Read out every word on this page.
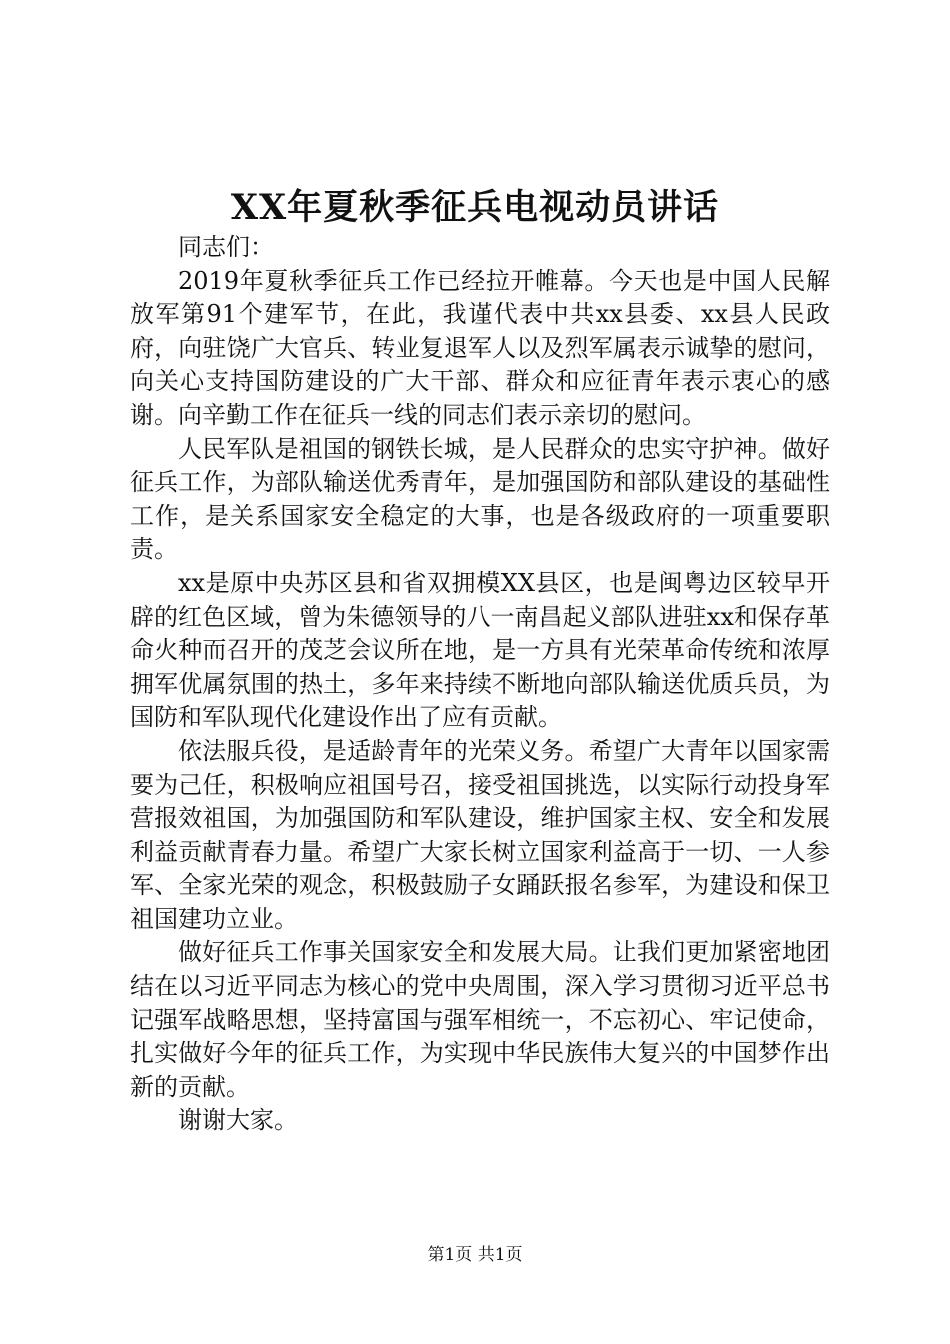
XX年夏秋季征兵电视动员讲话

同志们：

2019年夏秋季征兵工作已经拉开帷幕。今天也是中国人民解放军第91个建军节，在此，我谨代表中共xx县委、xx县人民政府，向驻饶广大官兵、转业复退军人以及烈军属表示诚挚的慰问，向关心支持国防建设的广大干部、群众和应征青年表示衷心的感谢。向辛勤工作在征兵一线的同志们表示亲切的慰问。

人民军队是祖国的钢铁长城，是人民群众的忠实守护神。做好征兵工作，为部队输送优秀青年，是加强国防和部队建设的基础性工作，是关系国家安全稳定的大事，也是各级政府的一项重要职责。

xx是原中央苏区县和省双拥模XX县区，也是闽粤边区较早开辟的红色区域，曾为朱德领导的八一南昌起义部队进驻xx和保存革命火种而召开的茂芝会议所在地，是一方具有光荣革命传统和浓厚拥军优属氛围的热土，多年来持续不断地向部队输送优质兵员，为国防和军队现代化建设作出了应有贡献。

依法服兵役，是适龄青年的光荣义务。希望广大青年以国家需要为己任，积极响应祖国号召，接受祖国挑选，以实际行动投身军营报效祖国，为加强国防和军队建设，维护国家主权、安全和发展利益贡献青春力量。希望广大家长树立国家利益高于一切、一人参军、全家光荣的观念，积极鼓励子女踊跃报名参军，为建设和保卫祖国建功立业。

做好征兵工作事关国家安全和发展大局。让我们更加紧密地团结在以习近平同志为核心的党中央周围，深入学习贯彻习近平总书记强军战略思想，坚持富国与强军相统一，不忘初心、牢记使命，扎实做好今年的征兵工作，为实现中华民族伟大复兴的中国梦作出新的贡献。

谢谢大家。

第1页 共1页
